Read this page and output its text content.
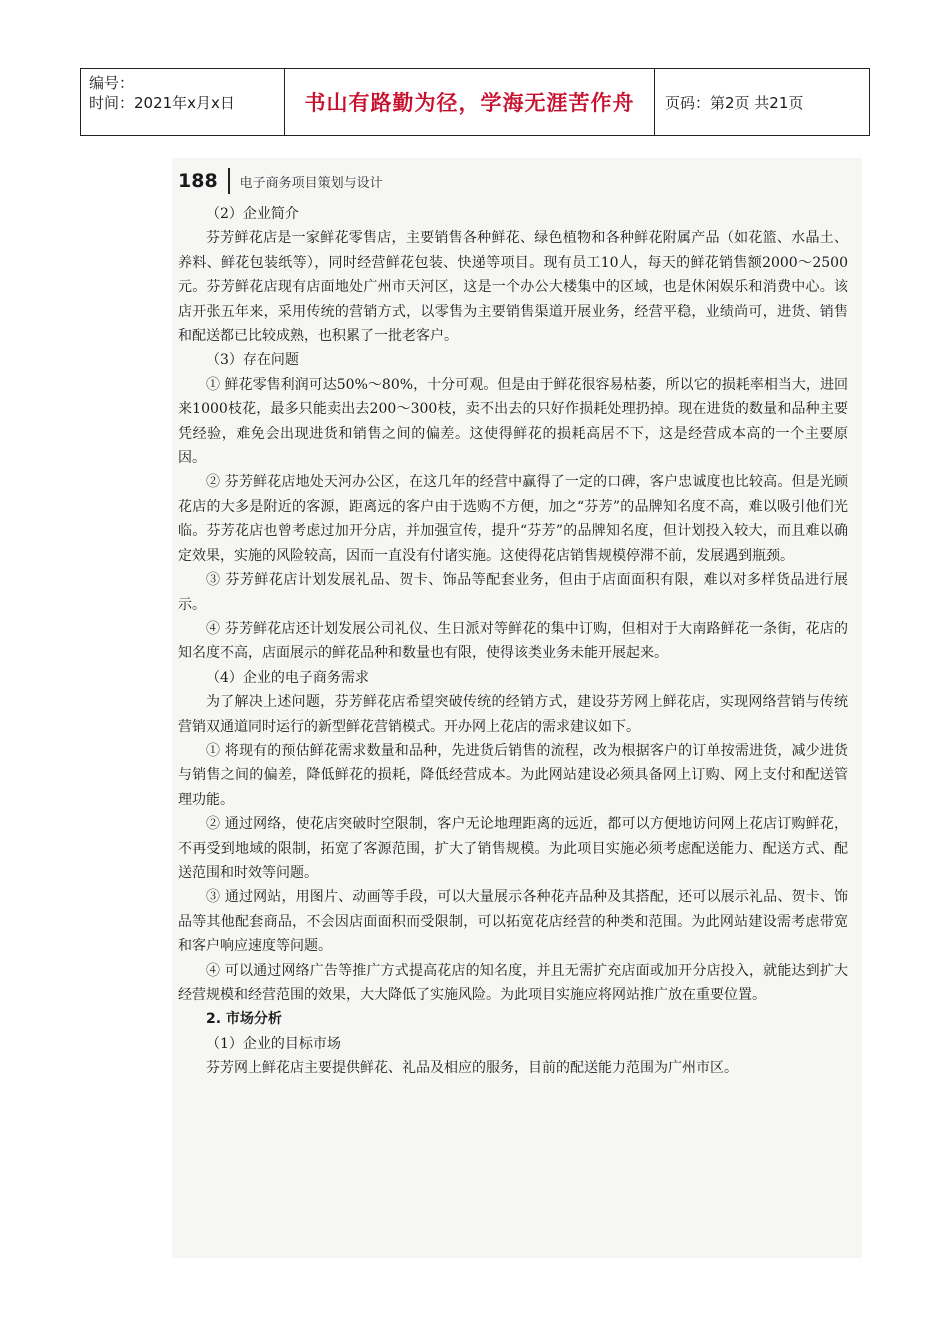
编号：
时间：2021年x月x日	书山有路勤为径，学海无涯苦作舟	页码：第2页 共21页
188 电子商务项目策划与设计

（2）企业简介

芬芳鲜花店是一家鲜花零售店，主要销售各种鲜花、绿色植物和各种鲜花附属产品（如花篮、水晶土、养料、鲜花包装纸等），同时经营鲜花包装、快递等项目。现有员工10人，每天的鲜花销售额2000～2500元。芬芳鲜花店现有店面地处广州市天河区，这是一个办公大楼集中的区域，也是休闲娱乐和消费中心。该店开张五年来，采用传统的营销方式，以零售为主要销售渠道开展业务，经营平稳，业绩尚可，进货、销售和配送都已比较成熟，也积累了一批老客户。

（3）存在问题

① 鲜花零售利润可达50%～80%，十分可观。但是由于鲜花很容易枯萎，所以它的损耗率相当大，进回来1000枝花，最多只能卖出去200～300枝，卖不出去的只好作损耗处理扔掉。现在进货的数量和品种主要凭经验，难免会出现进货和销售之间的偏差。这使得鲜花的损耗高居不下，这是经营成本高的一个主要原因。

② 芬芳鲜花店地处天河办公区，在这几年的经营中赢得了一定的口碑，客户忠诚度也比较高。但是光顾花店的大多是附近的客源，距离远的客户由于选购不方便，加之“芬芳”的品牌知名度不高，难以吸引他们光临。芬芳花店也曾考虑过加开分店，并加强宣传，提升“芬芳”的品牌知名度，但计划投入较大，而且难以确定效果，实施的风险较高，因而一直没有付诸实施。这使得花店销售规模停滞不前，发展遇到瓶颈。

③ 芬芳鲜花店计划发展礼品、贺卡、饰品等配套业务，但由于店面面积有限，难以对多样货品进行展示。

④ 芬芳鲜花店还计划发展公司礼仪、生日派对等鲜花的集中订购，但相对于大南路鲜花一条街，花店的知名度不高，店面展示的鲜花品种和数量也有限，使得该类业务未能开展起来。

（4）企业的电子商务需求

为了解决上述问题，芬芳鲜花店希望突破传统的经销方式，建设芬芳网上鲜花店，实现网络营销与传统营销双通道同时运行的新型鲜花营销模式。开办网上花店的需求建议如下。

① 将现有的预估鲜花需求数量和品种，先进货后销售的流程，改为根据客户的订单按需进货，减少进货与销售之间的偏差，降低鲜花的损耗，降低经营成本。为此网站建设必须具备网上订购、网上支付和配送管理功能。

② 通过网络，使花店突破时空限制，客户无论地理距离的远近，都可以方便地访问网上花店订购鲜花，不再受到地域的限制，拓宽了客源范围，扩大了销售规模。为此项目实施必须考虑配送能力、配送方式、配送范围和时效等问题。

③ 通过网站，用图片、动画等手段，可以大量展示各种花卉品种及其搭配，还可以展示礼品、贺卡、饰品等其他配套商品，不会因店面面积而受限制，可以拓宽花店经营的种类和范围。为此网站建设需考虑带宽和客户响应速度等问题。

④ 可以通过网络广告等推广方式提高花店的知名度，并且无需扩充店面或加开分店投入，就能达到扩大经营规模和经营范围的效果，大大降低了实施风险。为此项目实施应将网站推广放在重要位置。

2. 市场分析

（1）企业的目标市场

芬芳网上鲜花店主要提供鲜花、礼品及相应的服务，目前的配送能力范围为广州市区。
